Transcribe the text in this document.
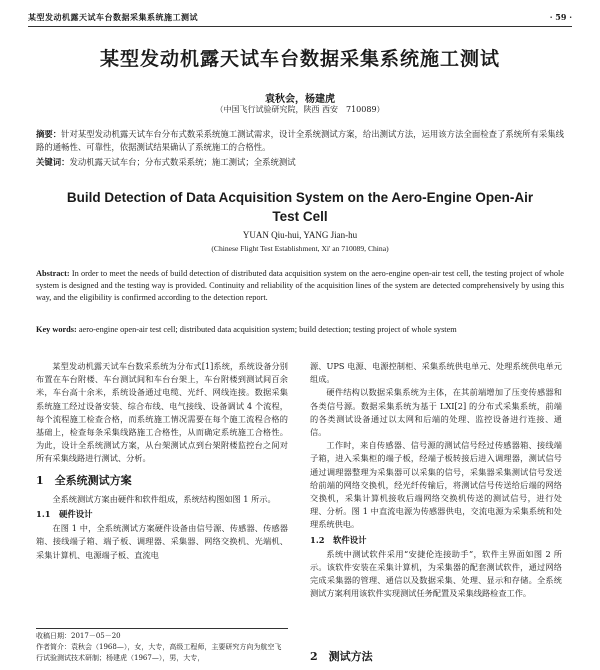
某型发动机露天试车台数据采集系统施工测试	· 59 ·
某型发动机露天试车台数据采集系统施工测试
袁秋会，杨建虎
（中国飞行试验研究院，陕西 西安　710089）
摘要：针对某型发动机露天试车台分布式数采系统施工测试需求，设计全系统测试方案，给出测试方法，运用该方法全面检查了系统所有采集线路的通畅性、可靠性，依据测试结果确认了系统施工的合格性。
关键词：发动机露天试车台；分布式数采系统；施工测试；全系统测试
Build Detection of Data Acquisition System on the Aero-Engine Open-Air Test Cell
YUAN Qiu-hui, YANG Jian-hu
(Chinese Flight Test Establishment, Xi' an 710089, China)
Abstract: In order to meet the needs of build detection of distributed data acquisition system on the aero-engine open-air test cell, the testing project of whole system is designed and the testing way is provided. Continuity and reliability of the acquisition lines of the system are detected comprehensively by using this way, and the eligibility is confirmed according to the detection report.
Key words: aero-engine open-air test cell; distributed data acquisition system; build detection; testing project of whole system

某型发动机露天试车台数采系统为分布式[1]系统，系统设备分别布置在车台附楼、车台测试间和车台台架上，车台附楼到测试间百余米，车台高十余米，系统设备通过电缆、光纤、网线连接。数据采集系统施工经过设备安装、综合布线、电气接线、设备调试 4 个流程，每个流程施工检查合格，而系统施工情况需要在每个施工流程合格的基础上，检查每条采集线路施工合格性，从而确定系统施工合格性。为此，设计全系统测试方案，从台架测试点到台架附楼监控台之间对所有采集线路进行测试、分析。

1　全系统测试方案

全系统测试方案由硬件和软件组成，系统结构图如图 1 所示。

1.1　硬件设计

在图 1 中，全系统测试方案硬件设备由信号源、传感器、传感器箱、接线端子箱、端子板、调理器、采集器、网络交换机、光端机、采集计算机、电源端子板、直流电

收稿日期：2017－05－20
作者简介：袁秋会（1968—），女，大专，高级工程师，主要研究方向为航空飞行试验测试技术研制；杨建虎（1967—），男，大专，

源、UPS 电源、电源控制柜、采集系统供电单元、处理系统供电单元组成。

硬件结构以数据采集系统为主体，在其前端增加了压变传感器和各类信号源。数据采集系统为基于 LXI[2] 的分布式采集系统，前端的各类测试设备通过以太网和后端的处理、监控设备进行连接、通信。

工作时，来自传感器、信号源的测试信号经过传感器箱、接线端子箱，进入采集柜的端子板，经端子板转接后进入调理器，测试信号通过调理器整理为采集器可以采集的信号，采集器采集测试信号发送给前端的网络交换机，经光纤传输后，将测试信号传送给后端的网络交换机，采集计算机接收后端网络交换机传送的测试信号，进行处理、分析。图 1 中直流电源为传感器供电，交流电源为采集系统和处理系统供电。

1.2　软件设计

系统中测试软件采用“安捷伦连接助手”，软件主界面如图 2 所示。该软件安装在采集计算机，为采集器的配套测试软件，通过网络完成采集器的管理、通信以及数据采集、处理、显示和存储。全系统测试方案利用该软件实现测试任务配置及采集线路检查工作。

2　测试方法
